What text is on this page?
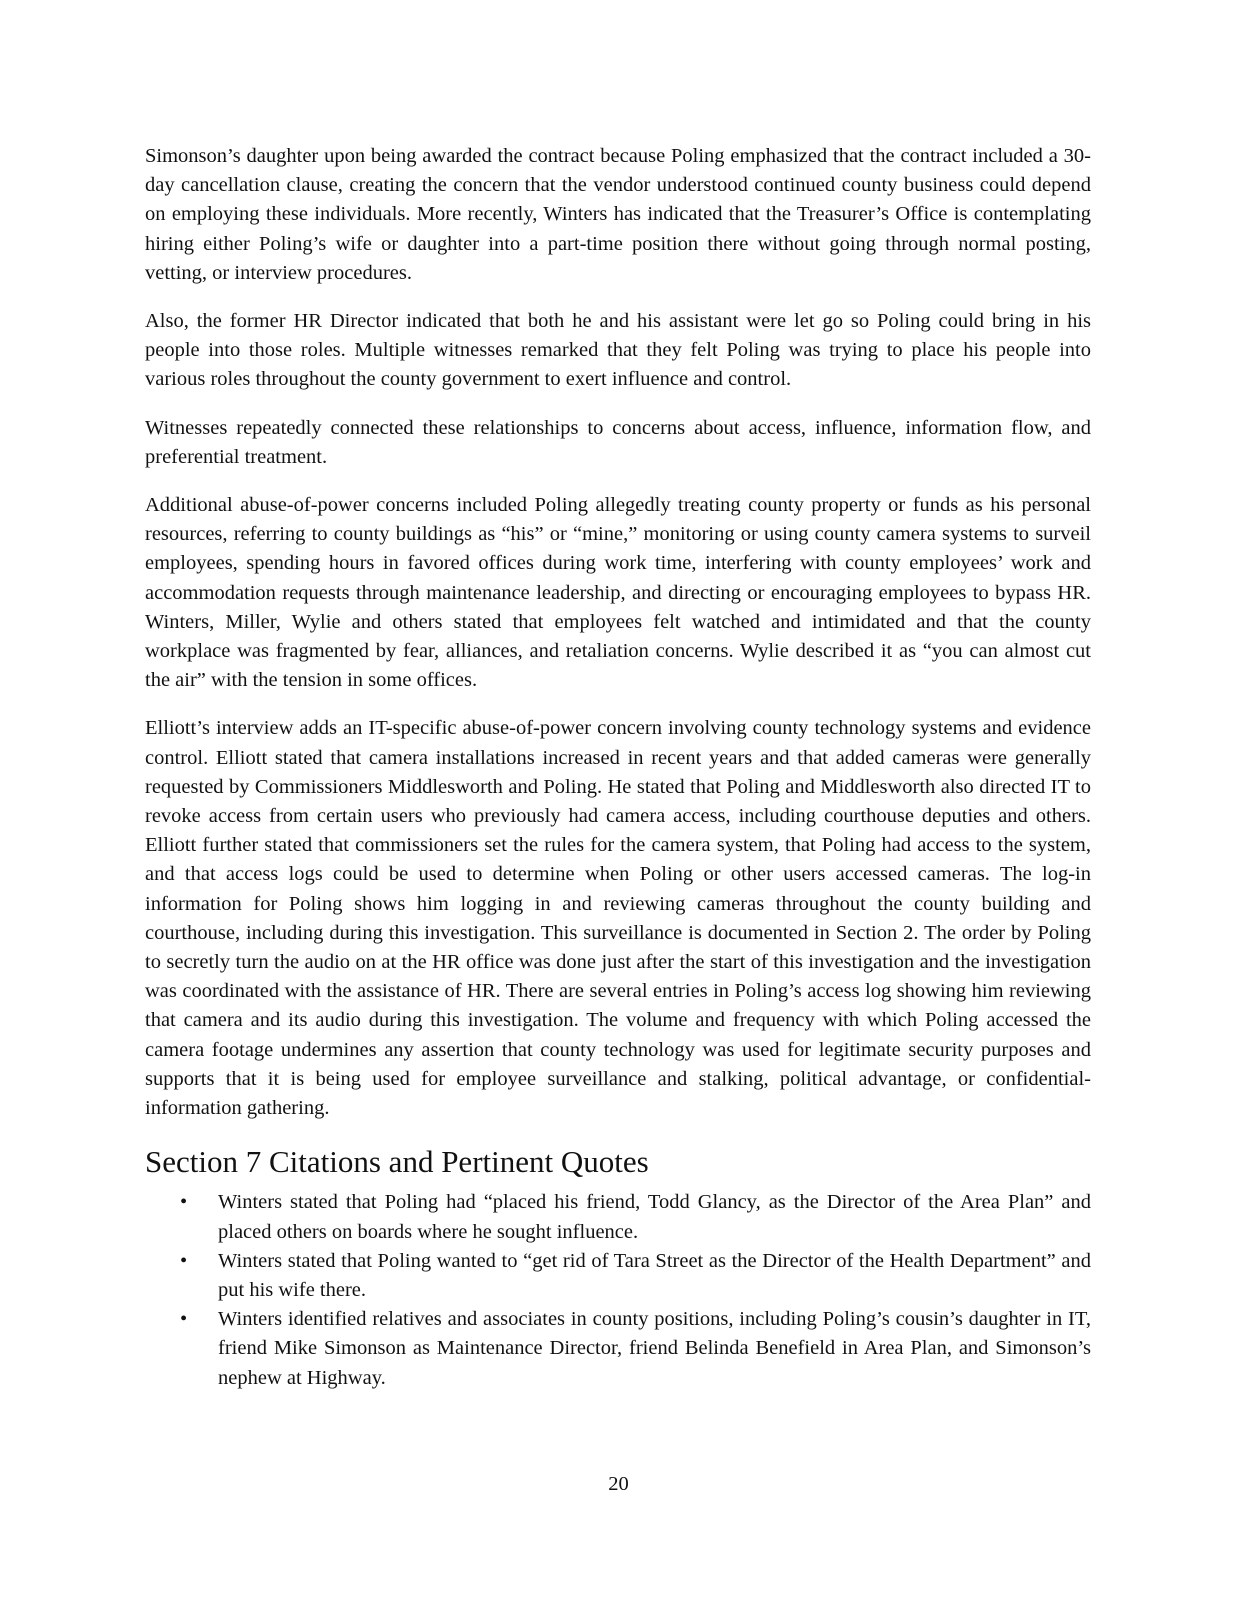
Simonson’s daughter upon being awarded the contract because Poling emphasized that the contract included a 30-day cancellation clause, creating the concern that the vendor understood continued county business could depend on employing these individuals. More recently, Winters has indicated that the Treasurer’s Office is contemplating hiring either Poling’s wife or daughter into a part-time position there without going through normal posting, vetting, or interview procedures.

Also, the former HR Director indicated that both he and his assistant were let go so Poling could bring in his people into those roles. Multiple witnesses remarked that they felt Poling was trying to place his people into various roles throughout the county government to exert influence and control.

Witnesses repeatedly connected these relationships to concerns about access, influence, information flow, and preferential treatment.

Additional abuse-of-power concerns included Poling allegedly treating county property or funds as his personal resources, referring to county buildings as “his” or “mine,” monitoring or using county camera systems to surveil employees, spending hours in favored offices during work time, interfering with county employees’ work and accommodation requests through maintenance leadership, and directing or encouraging employees to bypass HR. Winters, Miller, Wylie and others stated that employees felt watched and intimidated and that the county workplace was fragmented by fear, alliances, and retaliation concerns. Wylie described it as “you can almost cut the air” with the tension in some offices.

Elliott’s interview adds an IT-specific abuse-of-power concern involving county technology systems and evidence control. Elliott stated that camera installations increased in recent years and that added cameras were generally requested by Commissioners Middlesworth and Poling. He stated that Poling and Middlesworth also directed IT to revoke access from certain users who previously had camera access, including courthouse deputies and others. Elliott further stated that commissioners set the rules for the camera system, that Poling had access to the system, and that access logs could be used to determine when Poling or other users accessed cameras. The log-in information for Poling shows him logging in and reviewing cameras throughout the county building and courthouse, including during this investigation. This surveillance is documented in Section 2. The order by Poling to secretly turn the audio on at the HR office was done just after the start of this investigation and the investigation was coordinated with the assistance of HR. There are several entries in Poling’s access log showing him reviewing that camera and its audio during this investigation. The volume and frequency with which Poling accessed the camera footage undermines any assertion that county technology was used for legitimate security purposes and supports that it is being used for employee surveillance and stalking, political advantage, or confidential-information gathering.

Section 7 Citations and Pertinent Quotes
• Winters stated that Poling had “placed his friend, Todd Glancy, as the Director of the Area Plan” and placed others on boards where he sought influence.
• Winters stated that Poling wanted to “get rid of Tara Street as the Director of the Health Department” and put his wife there.
• Winters identified relatives and associates in county positions, including Poling’s cousin’s daughter in IT, friend Mike Simonson as Maintenance Director, friend Belinda Benefield in Area Plan, and Simonson’s nephew at Highway.
20
